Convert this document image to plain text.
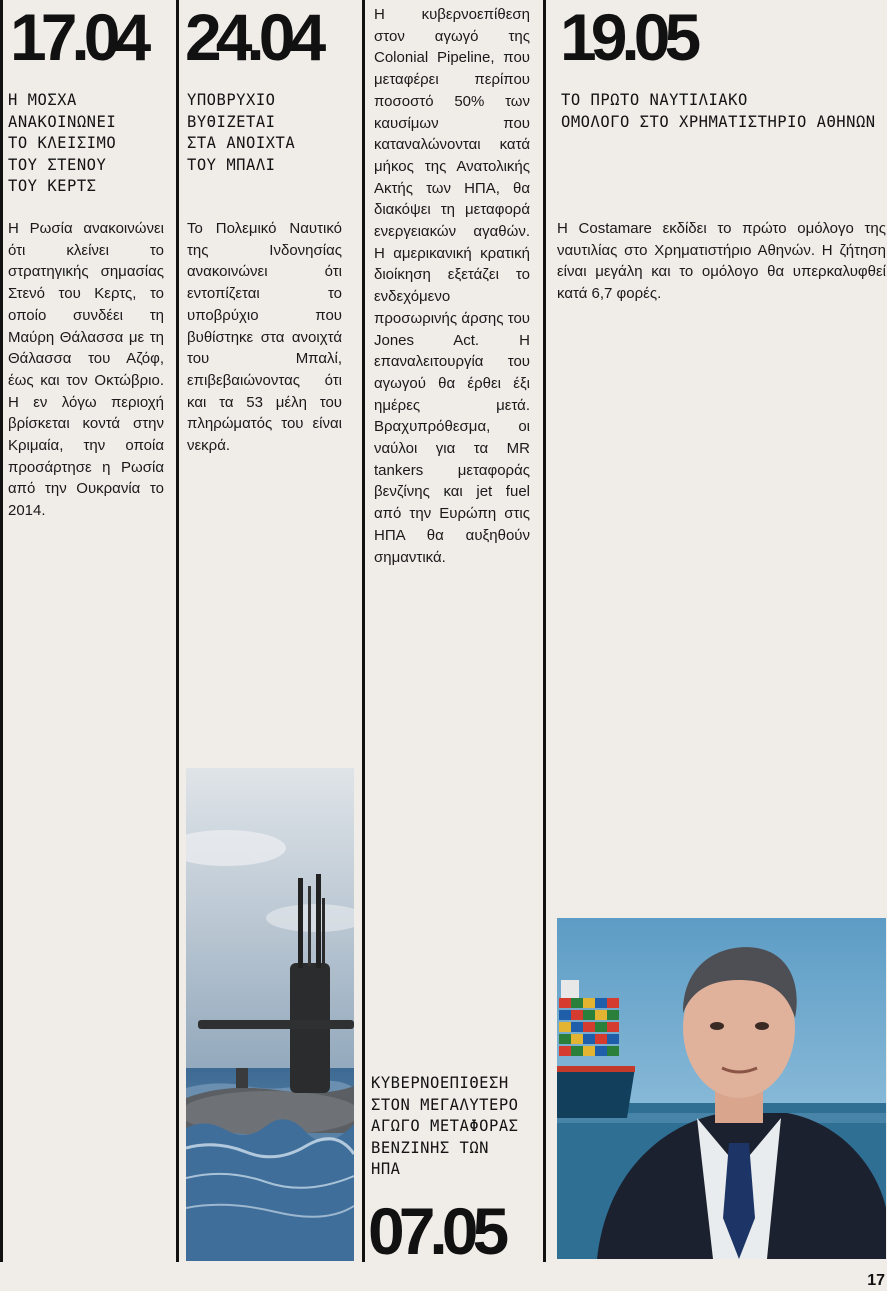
17.04
Η ΜΟΣΧΑ
ΑΝΑΚΟΙΝΩΝΕΙ
ΤΟ ΚΛΕΙΣΙΜΟ
ΤΟΥ ΣΤΕΝΟΥ
ΤΟΥ ΚΕΡΤΣ

Η Ρωσία ανακοινώνει ότι κλείνει το στρατηγικής σημασίας Στενό του Κερτς, το οποίο συνδέει τη Μαύρη Θάλασσα με τη Θάλασσα του Αζόφ, έως και τον Οκτώβριο. Η εν λόγω περιοχή βρίσκεται κοντά στην Κριμαία, την οποία προσάρτησε η Ρωσία από την Ουκρανία το 2014.

24.04
ΥΠΟΒΡΥΧΙΟ
ΒΥΘΙΖΕΤΑΙ
ΣΤΑ ΑΝΟΙΧΤΑ
ΤΟΥ ΜΠΑΛΙ

Το Πολεμικό Ναυτικό της Ινδονησίας ανακοινώνει ότι εντοπίζεται το υποβρύχιο που βυθίστηκε στα ανοιχτά του Μπαλί, επιβεβαιώνοντας ότι και τα 53 μέλη του πληρώματός του είναι νεκρά.

Η κυβερνοεπίθεση στον αγωγό της Colonial Pipeline, που μεταφέρει περίπου ποσοστό 50% των καυσίμων που καταναλώνονται κατά μήκος της Ανατολικής Ακτής των ΗΠΑ, θα διακόψει τη μεταφορά ενεργειακών αγαθών. Η αμερικανική κρατική διοίκηση εξετάζει το ενδεχόμενο προσωρινής άρσης του Jones Act. Η επαναλειτουργία του αγωγού θα έρθει έξι ημέρες μετά. Βραχυπρόθεσμα, οι ναύλοι για τα MR tankers μεταφοράς βενζίνης και jet fuel από την Ευρώπη στις ΗΠΑ θα αυξηθούν σημαντικά.

ΚΥΒΕΡΝΟΕΠΙΘΕΣΗ
ΣΤΟΝ ΜΕΓΑΛΥΤΕΡΟ
ΑΓΩΓΟ ΜΕΤΑΦΟΡΑΣ
ΒΕΝΖΙΝΗΣ ΤΩΝ
ΗΠΑ
07.05
19.05
ΤΟ ΠΡΩΤΟ ΝΑΥΤΙΛΙΑΚΟ
ΟΜΟΛΟΓΟ ΣΤΟ ΧΡΗΜΑΤΙΣΤΗΡΙΟ ΑΘΗΝΩΝ

Η Costamare εκδίδει το πρώτο ομόλογο της ναυτιλίας στο Χρηματιστήριο Αθηνών. Η ζήτηση είναι μεγάλη και το ομόλογο θα υπερκαλυφθεί κατά 6,7 φορές.

17
